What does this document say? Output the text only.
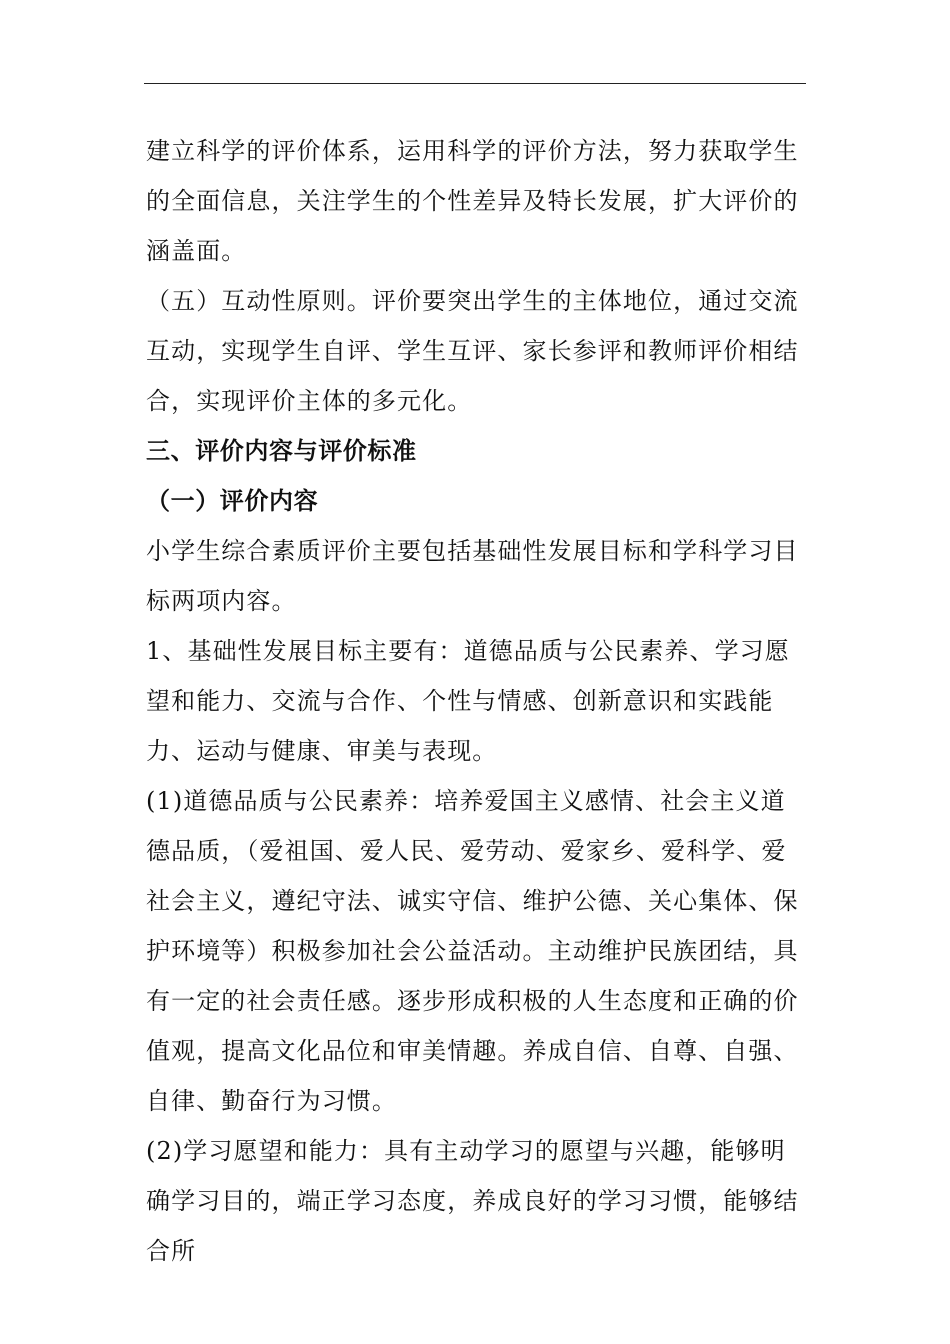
建立科学的评价体系，运用科学的评价方法，努力获取学生的全面信息，关注学生的个性差异及特长发展，扩大评价的涵盖面。

（五）互动性原则。评价要突出学生的主体地位，通过交流互动，实现学生自评、学生互评、家长参评和教师评价相结合，实现评价主体的多元化。

三、评价内容与评价标准
（一）评价内容

小学生综合素质评价主要包括基础性发展目标和学科学习目标两项内容。

1、基础性发展目标主要有：道德品质与公民素养、学习愿望和能力、交流与合作、个性与情感、创新意识和实践能力、运动与健康、审美与表现。

(1)道德品质与公民素养：培养爱国主义感情、社会主义道德品质，（爱祖国、爱人民、爱劳动、爱家乡、爱科学、爱社会主义，遵纪守法、诚实守信、维护公德、关心集体、保护环境等）积极参加社会公益活动。主动维护民族团结，具有一定的社会责任感。逐步形成积极的人生态度和正确的价值观，提高文化品位和审美情趣。养成自信、自尊、自强、自律、勤奋行为习惯。

(2)学习愿望和能力：具有主动学习的愿望与兴趣，能够明确学习目的，端正学习态度，养成良好的学习习惯，能够结合所
